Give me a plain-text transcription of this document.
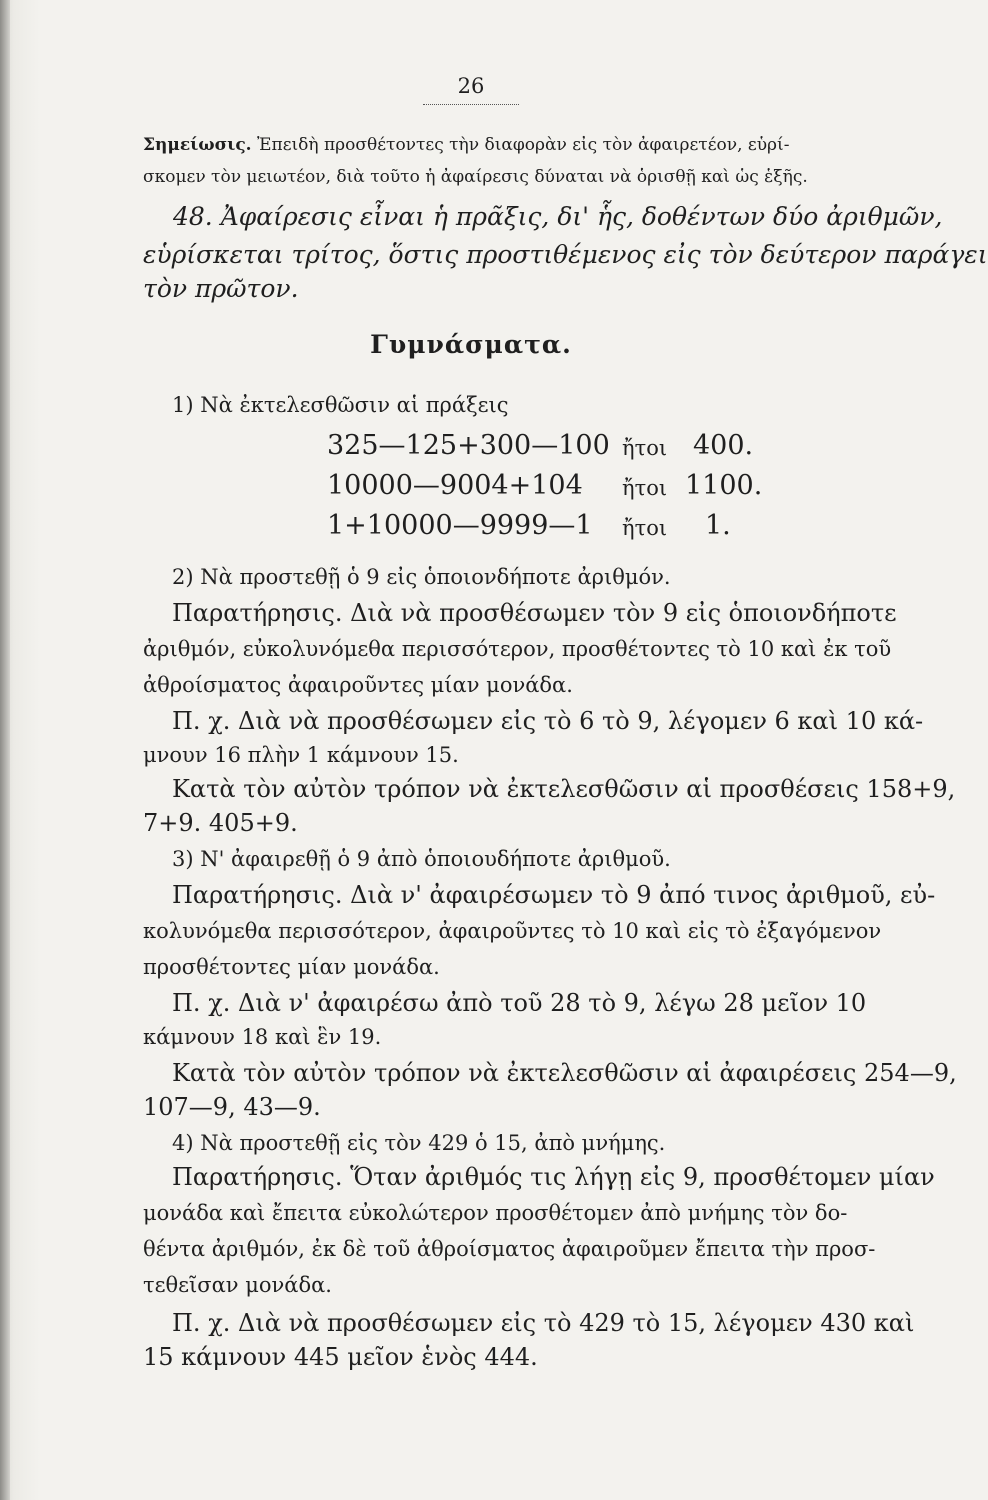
26
Σημείωσις. Ἐπειδὴ προσθέτοντες τὴν διαφορὰν εἰς τὸν ἀφαιρετέον, εὑρί-
σκομεν τὸν μειωτέον, διὰ τοῦτο ἡ ἀφαίρεσις δύναται νὰ ὁρισθῇ καὶ ὡς ἑξῆς.
48. Ἀφαίρεσις εἶναι ἡ πρᾶξις, δι' ἧς, δοθέντων δύο ἀριθμῶν,
εὑρίσκεται τρίτος, ὅστις προστιθέμενος εἰς τὸν δεύτερον παράγει
τὸν πρῶτον.
Γυμνάσματα.
1) Νὰ ἐκτελεσθῶσιν αἱ πράξεις
325—125+300—100 ἤτοι 400.
10000—9004+104 ἤτοι 1100.
1+10000—9999—1 ἤτοι 1.
2) Νὰ προστεθῇ ὁ 9 εἰς ὁποιονδήποτε ἀριθμόν.
Παρατήρησις. Διὰ νὰ προσθέσωμεν τὸν 9 εἰς ὁποιονδήποτε
ἀριθμόν, εὐκολυνόμεθα περισσότερον, προσθέτοντες τὸ 10 καὶ ἐκ τοῦ
ἀθροίσματος ἀφαιροῦντες μίαν μονάδα.
Π. χ. Διὰ νὰ προσθέσωμεν εἰς τὸ 6 τὸ 9, λέγομεν 6 καὶ 10 κά-
μνουν 16 πλὴν 1 κάμνουν 15.
Κατὰ τὸν αὐτὸν τρόπον νὰ ἐκτελεσθῶσιν αἱ προσθέσεις 158+9,
7+9. 405+9.
3) Ν' ἀφαιρεθῇ ὁ 9 ἀπὸ ὁποιουδήποτε ἀριθμοῦ.
Παρατήρησις. Διὰ ν' ἀφαιρέσωμεν τὸ 9 ἀπό τινος ἀριθμοῦ, εὐ-
κολυνόμεθα περισσότερον, ἀφαιροῦντες τὸ 10 καὶ εἰς τὸ ἐξαγόμενον
προσθέτοντες μίαν μονάδα.
Π. χ. Διὰ ν' ἀφαιρέσω ἀπὸ τοῦ 28 τὸ 9, λέγω 28 μεῖον 10
κάμνουν 18 καὶ ἓν 19.
Κατὰ τὸν αὐτὸν τρόπον νὰ ἐκτελεσθῶσιν αἱ ἀφαιρέσεις 254—9,
107—9, 43—9.
4) Νὰ προστεθῇ εἰς τὸν 429 ὁ 15, ἀπὸ μνήμης.
Παρατήρησις. Ὅταν ἀριθμός τις λήγῃ εἰς 9, προσθέτομεν μίαν
μονάδα καὶ ἔπειτα εὐκολώτερον προσθέτομεν ἀπὸ μνήμης τὸν δο-
θέντα ἀριθμόν, ἐκ δὲ τοῦ ἀθροίσματος ἀφαιροῦμεν ἔπειτα τὴν προσ-
τεθεῖσαν μονάδα.
Π. χ. Διὰ νὰ προσθέσωμεν εἰς τὸ 429 τὸ 15, λέγομεν 430 καὶ
15 κάμνουν 445 μεῖον ἑνὸς 444.
